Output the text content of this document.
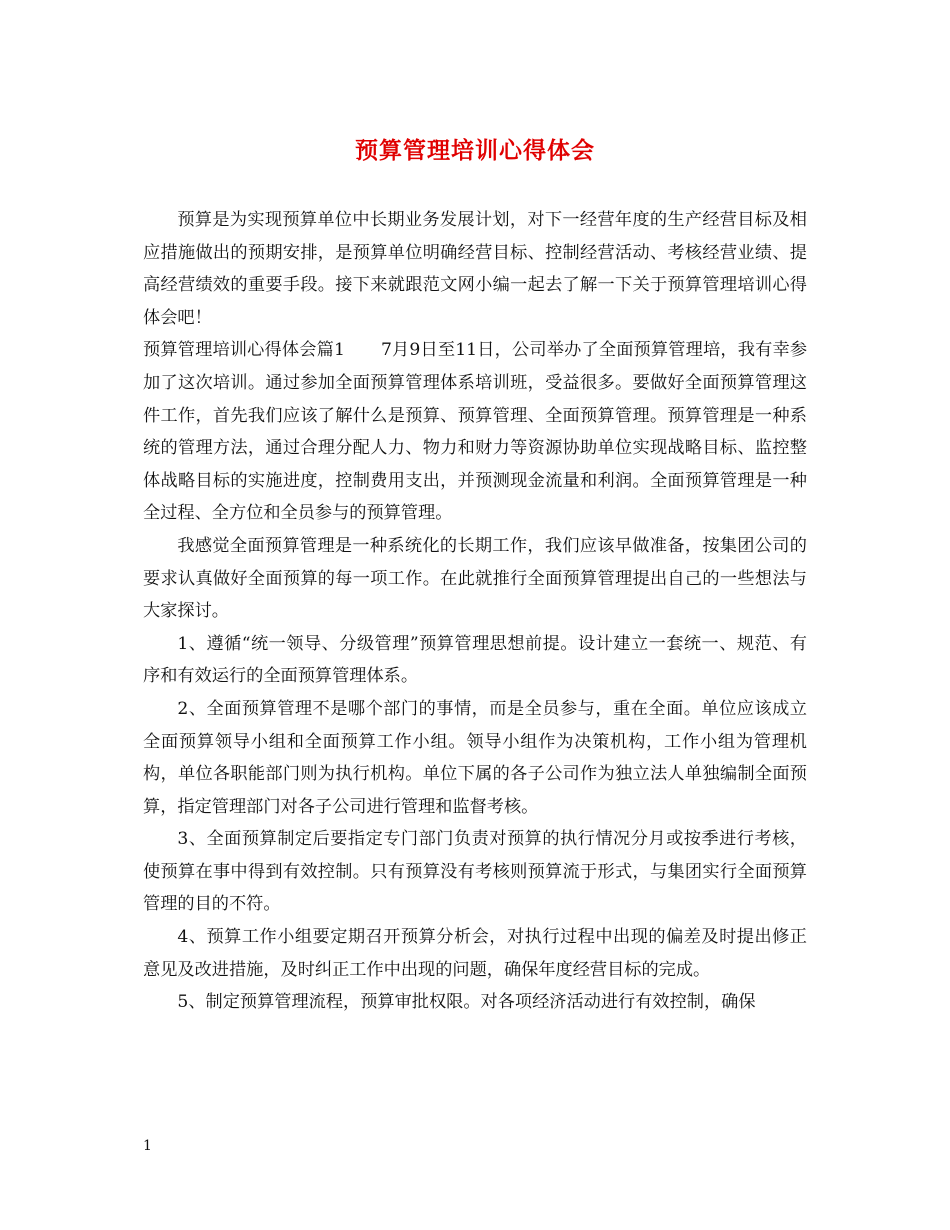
预算管理培训心得体会

预算是为实现预算单位中长期业务发展计划，对下一经营年度的生产经营目标及相应措施做出的预期安排，是预算单位明确经营目标、控制经营活动、考核经营业绩、提高经营绩效的重要手段。接下来就跟范文网小编一起去了解一下关于预算管理培训心得体会吧！

预算管理培训心得体会篇1 7月9日至11日，公司举办了全面预算管理培，我有幸参加了这次培训。通过参加全面预算管理体系培训班，受益很多。要做好全面预算管理这件工作，首先我们应该了解什么是预算、预算管理、全面预算管理。预算管理是一种系统的管理方法，通过合理分配人力、物力和财力等资源协助单位实现战略目标、监控整体战略目标的实施进度，控制费用支出，并预测现金流量和利润。全面预算管理是一种全过程、全方位和全员参与的预算管理。

我感觉全面预算管理是一种系统化的长期工作，我们应该早做准备，按集团公司的要求认真做好全面预算的每一项工作。在此就推行全面预算管理提出自己的一些想法与大家探讨。

1、遵循“统一领导、分级管理”预算管理思想前提。设计建立一套统一、规范、有序和有效运行的全面预算管理体系。

2、全面预算管理不是哪个部门的事情，而是全员参与，重在全面。单位应该成立全面预算领导小组和全面预算工作小组。领导小组作为决策机构，工作小组为管理机构，单位各职能部门则为执行机构。单位下属的各子公司作为独立法人单独编制全面预算，指定管理部门对各子公司进行管理和监督考核。

3、全面预算制定后要指定专门部门负责对预算的执行情况分月或按季进行考核，使预算在事中得到有效控制。只有预算没有考核则预算流于形式，与集团实行全面预算管理的目的不符。

4、预算工作小组要定期召开预算分析会，对执行过程中出现的偏差及时提出修正意见及改进措施，及时纠正工作中出现的问题，确保年度经营目标的完成。

5、制定预算管理流程，预算审批权限。对各项经济活动进行有效控制，确保

1
